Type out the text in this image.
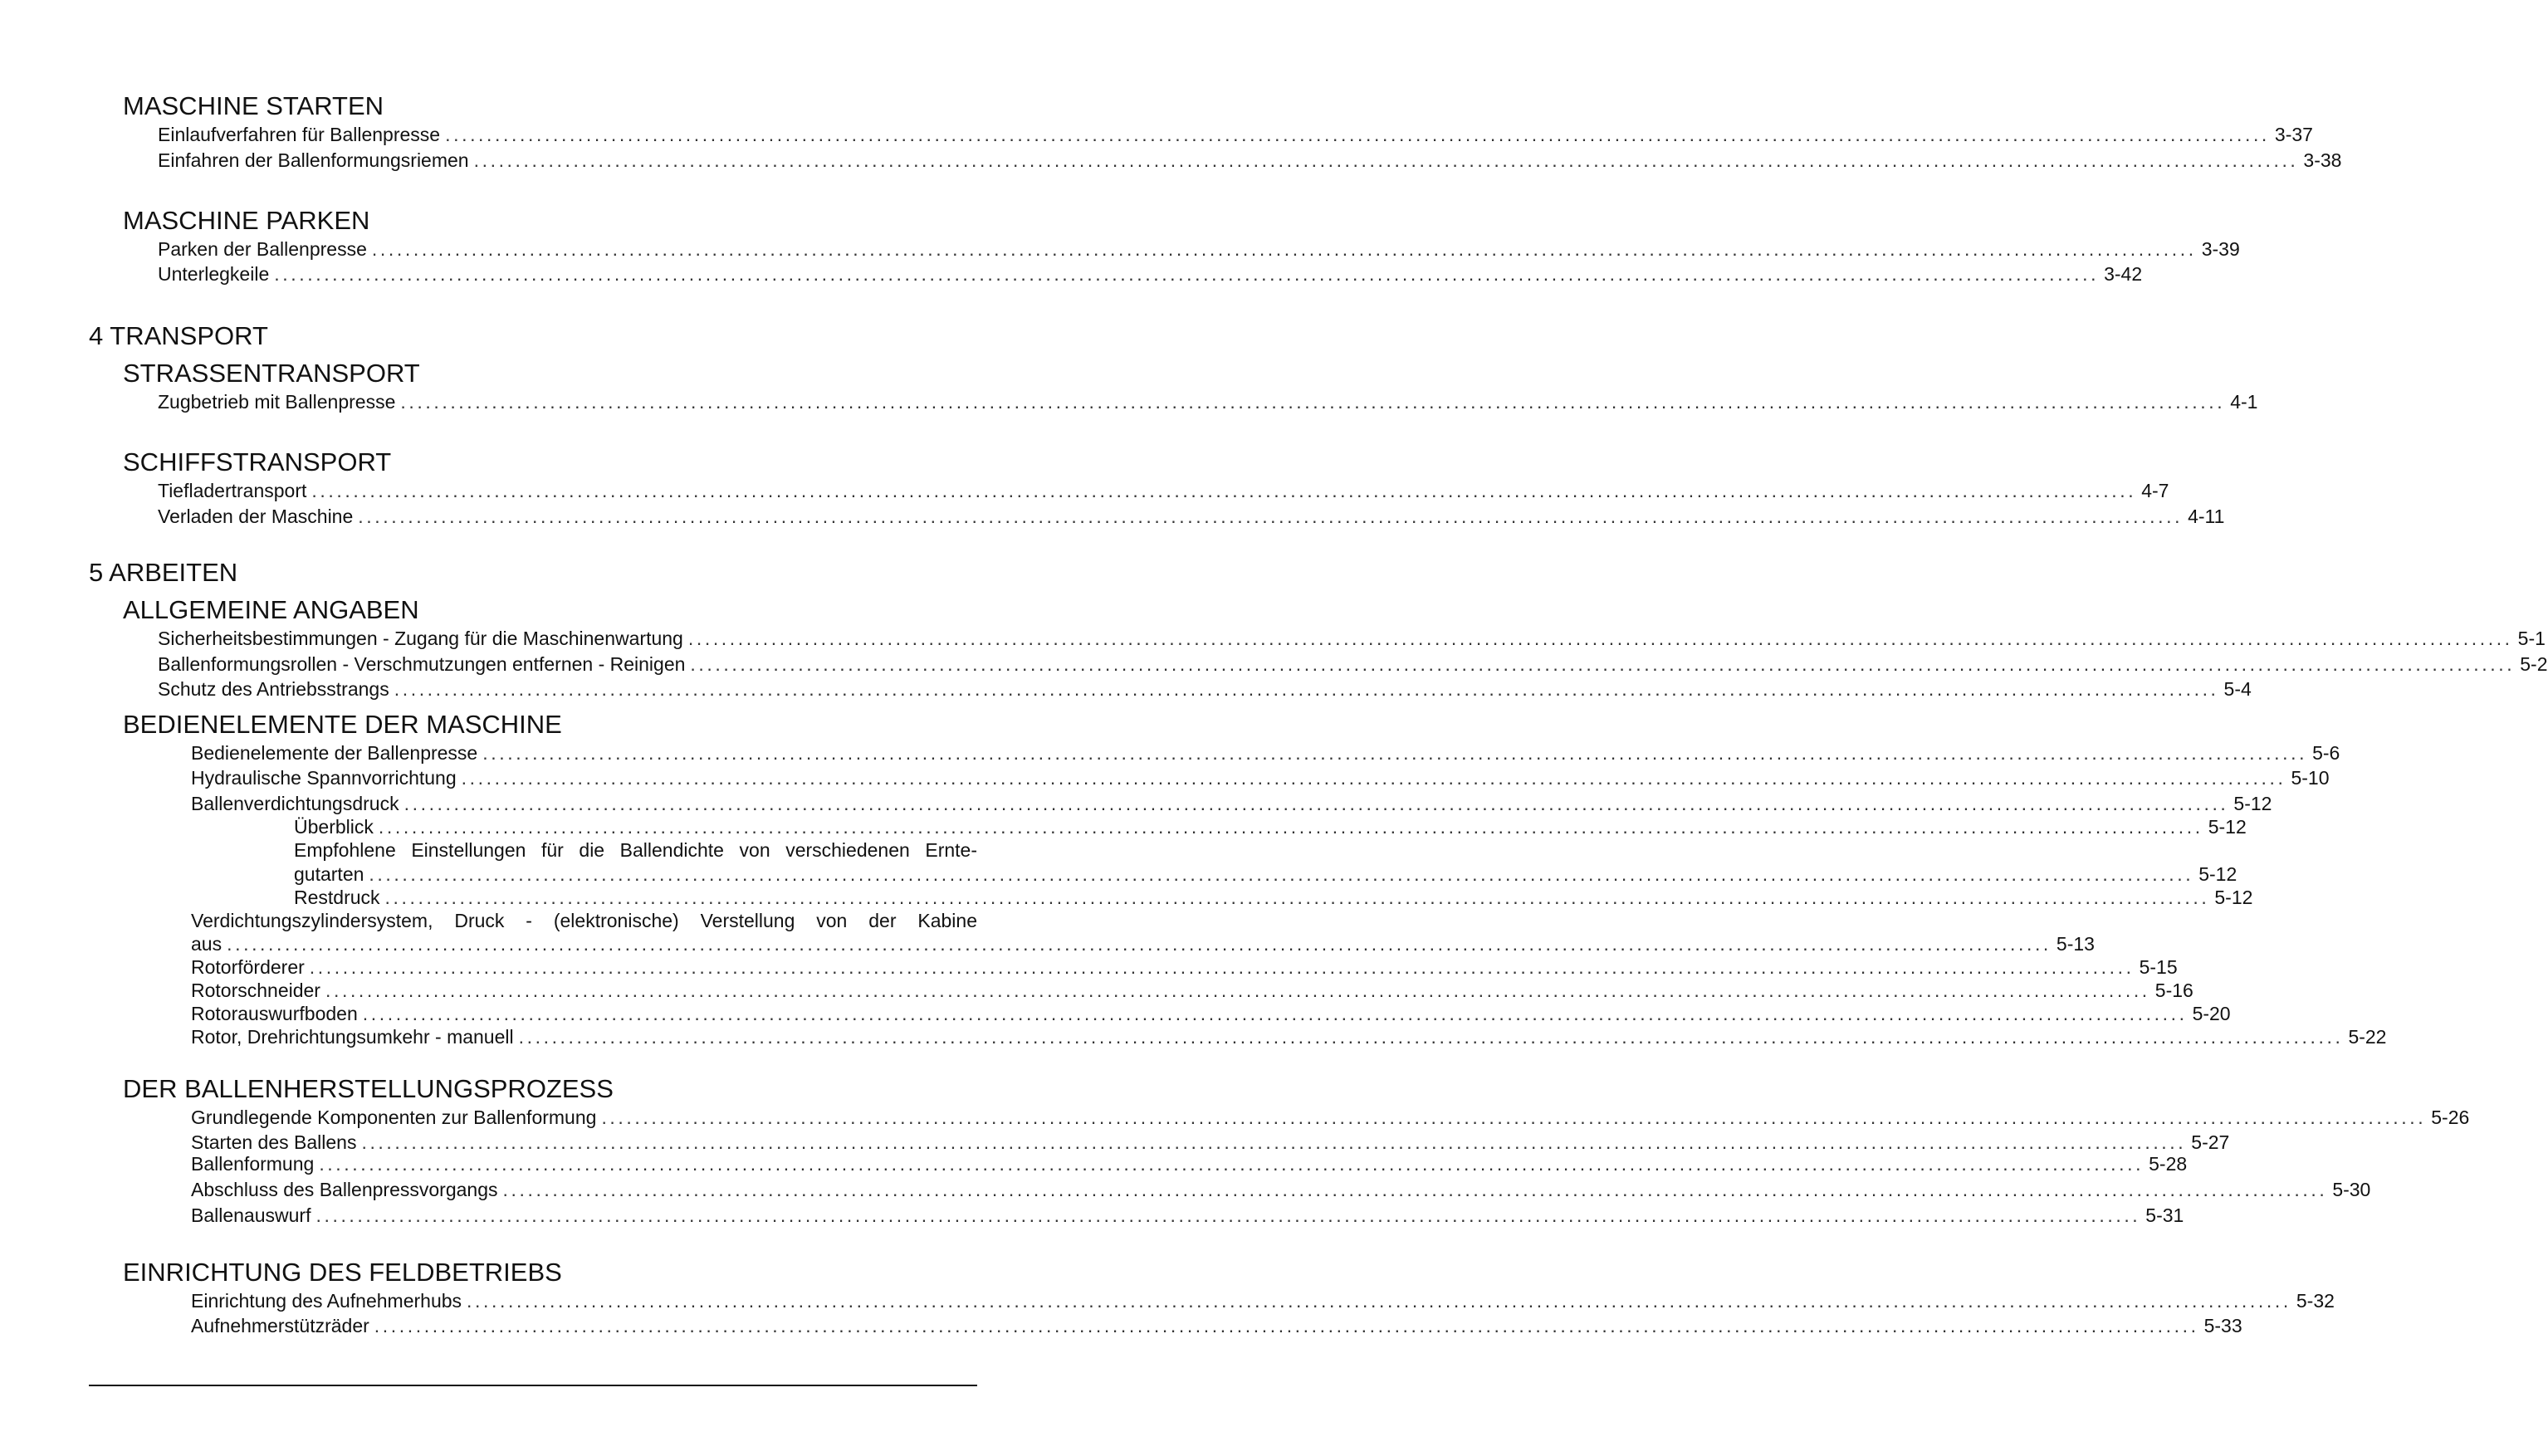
MASCHINE STARTEN
Einlaufverfahren für Ballenpresse ............................................................................................................................................................................................................................ 3-37
Einfahren der Ballenformungsriemen ............................................................................................................................................................................................................................ 3-38
MASCHINE PARKEN
Parken der Ballenpresse ............................................................................................................................................................................................................................ 3-39
Unterlegkeile ............................................................................................................................................................................................................................ 3-42
4 TRANSPORT
STRASSENTRANSPORT
Zugbetrieb mit Ballenpresse ............................................................................................................................................................................................................................ 4-1
SCHIFFSTRANSPORT
Tiefladertransport ............................................................................................................................................................................................................................ 4-7
Verladen der Maschine ............................................................................................................................................................................................................................ 4-11
5 ARBEITEN
ALLGEMEINE ANGABEN
Sicherheitsbestimmungen - Zugang für die Maschinenwartung ............................................................................................................................................................................................................................ 5-1
Ballenformungsrollen - Verschmutzungen entfernen - Reinigen ............................................................................................................................................................................................................................ 5-2
Schutz des Antriebsstrangs ............................................................................................................................................................................................................................ 5-4
BEDIENELEMENTE DER MASCHINE
Bedienelemente der Ballenpresse ............................................................................................................................................................................................................................ 5-6
Hydraulische Spannvorrichtung ............................................................................................................................................................................................................................ 5-10
Ballenverdichtungsdruck ............................................................................................................................................................................................................................ 5-12
Überblick ............................................................................................................................................................................................................................ 5-12
Empfohlene Einstellungen für die Ballendichte von verschiedenen Ernte-
gutarten ............................................................................................................................................................................................................................ 5-12
Restdruck ............................................................................................................................................................................................................................ 5-12
Verdichtungszylindersystem, Druck - (elektronische) Verstellung von der Kabine
aus ............................................................................................................................................................................................................................ 5-13
Rotorförderer ............................................................................................................................................................................................................................ 5-15
Rotorschneider ............................................................................................................................................................................................................................ 5-16
Rotorauswurfboden ............................................................................................................................................................................................................................ 5-20
Rotor, Drehrichtungsumkehr - manuell ............................................................................................................................................................................................................................ 5-22
DER BALLENHERSTELLUNGSPROZESS
Grundlegende Komponenten zur Ballenformung ............................................................................................................................................................................................................................ 5-26
Starten des Ballens ............................................................................................................................................................................................................................ 5-27
Ballenformung ............................................................................................................................................................................................................................ 5-28
Abschluss des Ballenpressvorgangs ............................................................................................................................................................................................................................ 5-30
Ballenauswurf ............................................................................................................................................................................................................................ 5-31
EINRICHTUNG DES FELDBETRIEBS
Einrichtung des Aufnehmerhubs ............................................................................................................................................................................................................................ 5-32
Aufnehmerstützräder ............................................................................................................................................................................................................................ 5-33
